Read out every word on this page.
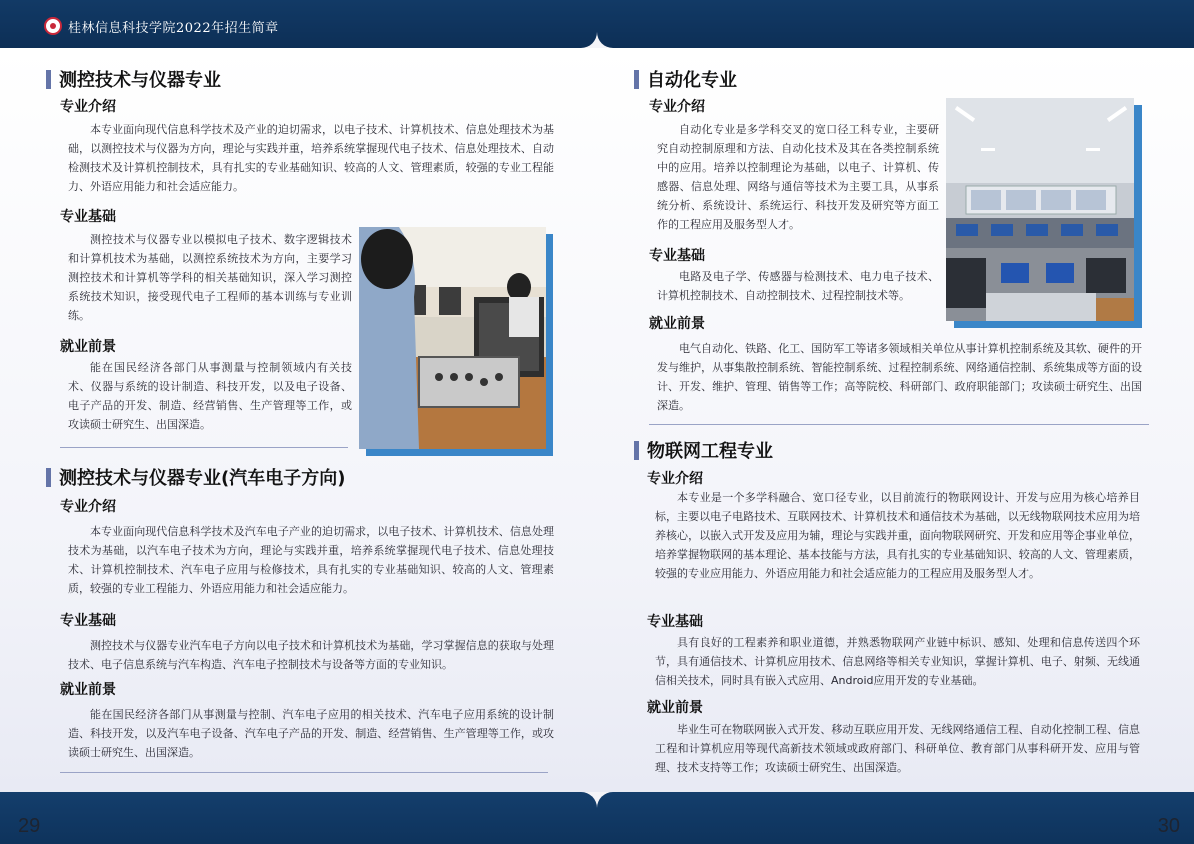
桂林信息科技学院2022年招生简章
测控技术与仪器专业
专业介绍
本专业面向现代信息科学技术及产业的迫切需求，以电子技术、计算机技术、信息处理技术为基础，以测控技术与仪器为方向，理论与实践并重，培养系统掌握现代电子技术、信息处理技术、自动检测技术及计算机控制技术，具有扎实的专业基础知识、较高的人文、管理素质，较强的专业工程能力、外语应用能力和社会适应能力。
专业基础
测控技术与仪器专业以模拟电子技术、数字逻辑技术和计算机技术为基础，以测控系统技术为方向，主要学习测控技术和计算机等学科的相关基础知识，深入学习测控系统技术知识，接受现代电子工程师的基本训练与专业训练。
就业前景
能在国民经济各部门从事测量与控制领域内有关技术、仪器与系统的设计制造、科技开发，以及电子设备、电子产品的开发、制造、经营销售、生产管理等工作，或攻读硕士研究生、出国深造。
测控技术与仪器专业(汽车电子方向)
专业介绍
本专业面向现代信息科学技术及汽车电子产业的迫切需求，以电子技术、计算机技术、信息处理技术为基础，以汽车电子技术为方向，理论与实践并重，培养系统掌握现代电子技术、信息处理技术、计算机控制技术、汽车电子应用与检修技术，具有扎实的专业基础知识、较高的人文、管理素质，较强的专业工程能力、外语应用能力和社会适应能力。
专业基础
测控技术与仪器专业汽车电子方向以电子技术和计算机技术为基础，学习掌握信息的获取与处理技术、电子信息系统与汽车构造、汽车电子控制技术与设备等方面的专业知识。
就业前景
能在国民经济各部门从事测量与控制、汽车电子应用的相关技术、汽车电子应用系统的设计制造、科技开发，以及汽车电子设备、汽车电子产品的开发、制造、经营销售、生产管理等工作，或攻读硕士研究生、出国深造。
29
自动化专业
专业介绍
自动化专业是多学科交叉的宽口径工科专业，主要研究自动控制原理和方法、自动化技术及其在各类控制系统中的应用。培养以控制理论为基础，以电子、计算机、传感器、信息处理、网络与通信等技术为主要工具，从事系统分析、系统设计、系统运行、科技开发及研究等方面工作的工程应用及服务型人才。
专业基础
电路及电子学、传感器与检测技术、电力电子技术、计算机控制技术、自动控制技术、过程控制技术等。
就业前景
电气自动化、铁路、化工、国防军工等诸多领域相关单位从事计算机控制系统及其软、硬件的开发与维护，从事集散控制系统、智能控制系统、过程控制系统、网络通信控制、系统集成等方面的设计、开发、维护、管理、销售等工作；高等院校、科研部门、政府职能部门；攻读硕士研究生、出国深造。
物联网工程专业
专业介绍
本专业是一个多学科融合、宽口径专业，以目前流行的物联网设计、开发与应用为核心培养目标，主要以电子电路技术、互联网技术、计算机技术和通信技术为基础，以无线物联网技术应用为培养核心，以嵌入式开发及应用为辅，理论与实践并重，面向物联网研究、开发和应用等企事业单位，培养掌握物联网的基本理论、基本技能与方法，具有扎实的专业基础知识、较高的人文、管理素质，较强的专业应用能力、外语应用能力和社会适应能力的工程应用及服务型人才。
专业基础
具有良好的工程素养和职业道德，并熟悉物联网产业链中标识、感知、处理和信息传送四个环节，具有通信技术、计算机应用技术、信息网络等相关专业知识，掌握计算机、电子、射频、无线通信相关技术，同时具有嵌入式应用、Android应用开发的专业基础。
就业前景
毕业生可在物联网嵌入式开发、移动互联应用开发、无线网络通信工程、自动化控制工程、信息工程和计算机应用等现代高新技术领域或政府部门、科研单位、教育部门从事科研开发、应用与管理、技术支持等工作；攻读硕士研究生、出国深造。
30
